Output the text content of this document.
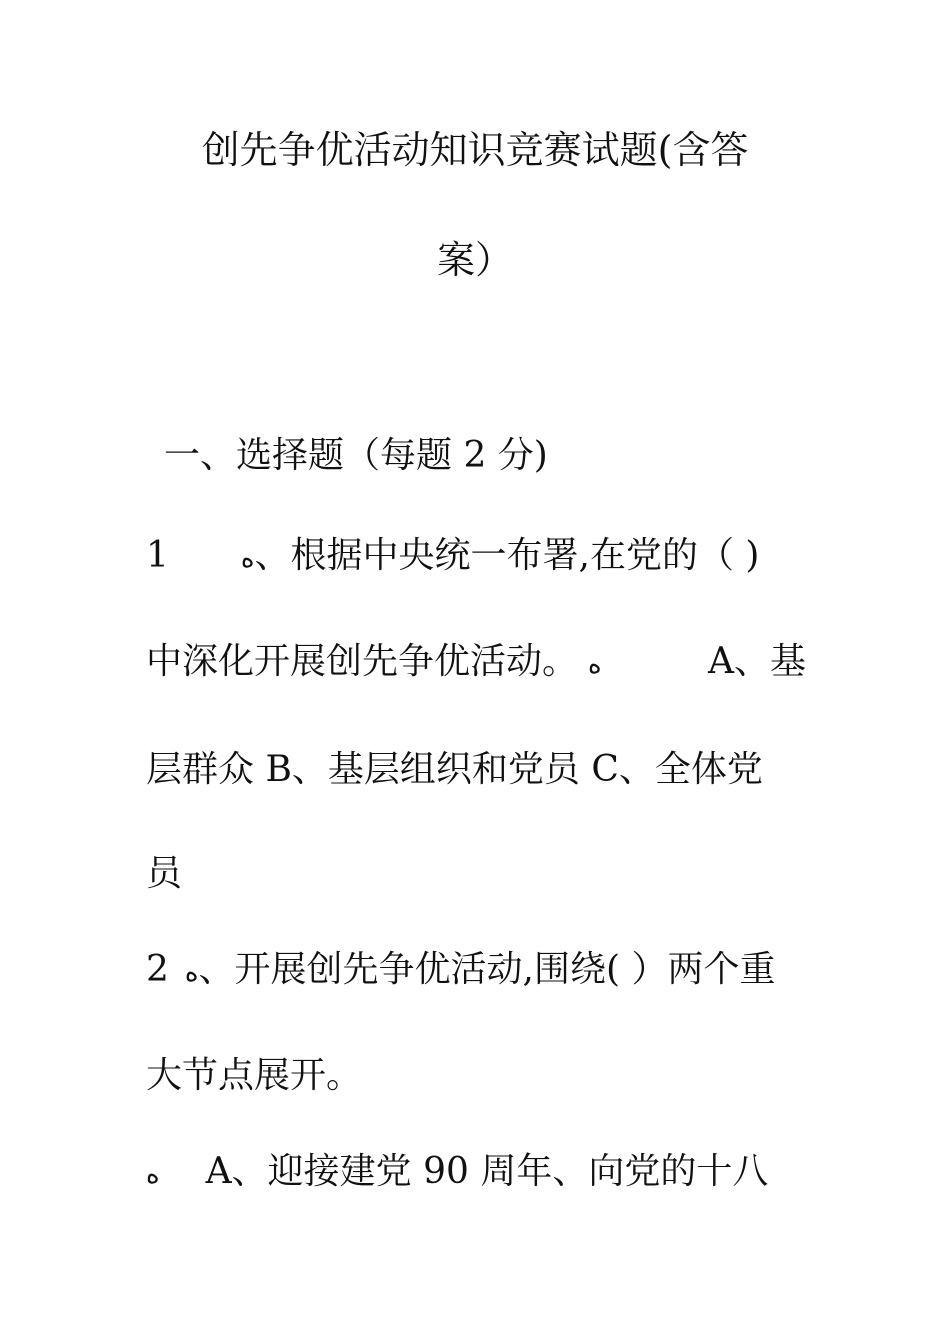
创先争优活动知识竞赛试题(含答
案）
一、选择题（每题 2 分)
1	ﻩ、根据中央统一布署,在党的（ )
中深化开展创先争优活动。 ﻩ	A、基
层群众 B、基层组织和党员 C、全体党
员
2 ﻩ、开展创先争优活动,围绕( ）两个重
大节点展开。
ﻩ A、迎接建党 90 周年、向党的十八
